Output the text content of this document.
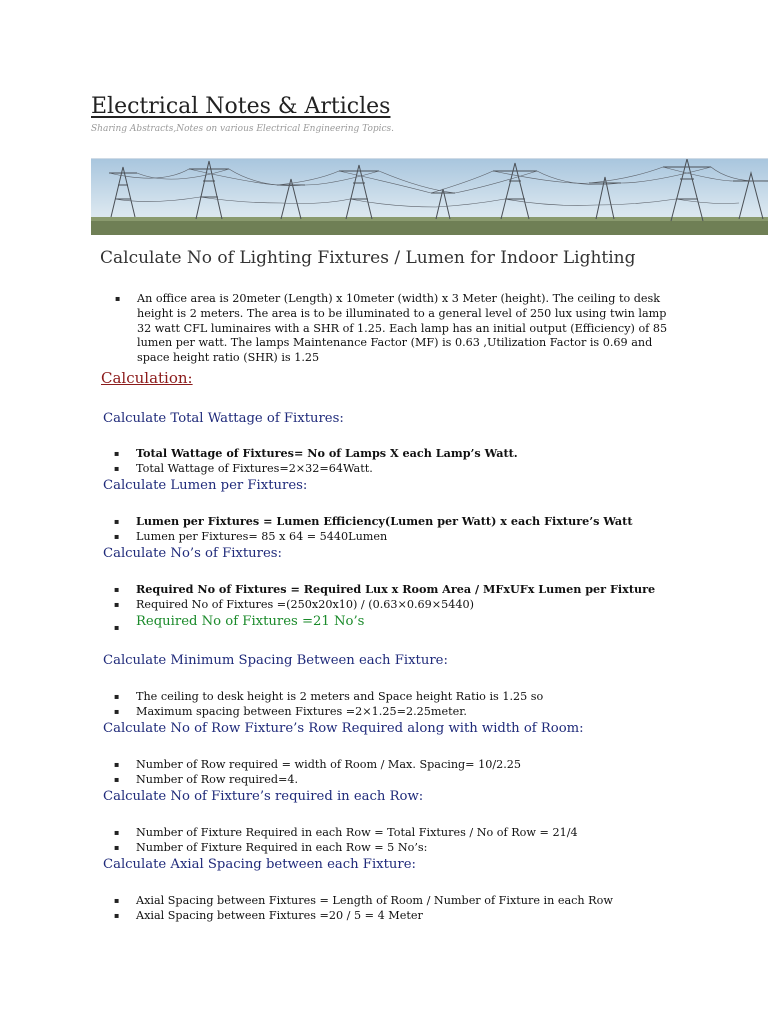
Electrical Notes & Articles
Sharing Abstracts,Notes on various Electrical Engineering Topics.
Calculate No of Lighting Fixtures / Lumen for Indoor Lighting
▪ An office area is 20meter (Length) x 10meter (width) x 3 Meter (height). The ceiling to desk height is 2 meters. The area is to be illuminated to a general level of 250 lux using twin lamp 32 watt CFL luminaires with a SHR of 1.25. Each lamp has an initial output (Efficiency) of 85 lumen per watt. The lamps Maintenance Factor (MF) is 0.63 ,Utilization Factor is 0.69 and space height ratio (SHR) is 1.25
Calculation:
Calculate Total Wattage of Fixtures:
▪ Total Wattage of Fixtures= No of Lamps X each Lamp’s Watt.
▪ Total Wattage of Fixtures=2×32=64Watt.
Calculate Lumen per Fixtures:
▪ Lumen per Fixtures = Lumen Efficiency(Lumen per Watt) x each Fixture’s Watt
▪ Lumen per Fixtures= 85 x 64 = 5440Lumen
Calculate No’s of Fixtures:
▪ Required No of Fixtures = Required Lux x Room Area / MFxUFx Lumen per Fixture
▪ Required No of Fixtures =(250x20x10) / (0.63×0.69×5440)
▪ Required No of Fixtures =21 No’s
Calculate Minimum Spacing Between each Fixture:
▪ The ceiling to desk height is 2 meters and Space height Ratio is 1.25 so
▪ Maximum spacing between Fixtures =2×1.25=2.25meter.
Calculate No of Row Fixture’s Row Required along with width of Room:
▪ Number of Row required = width of Room / Max. Spacing= 10/2.25
▪ Number of Row required=4.
Calculate No of Fixture’s required in each Row:
▪ Number of Fixture Required in each Row = Total Fixtures / No of Row = 21/4
▪ Number of Fixture Required in each Row = 5 No’s:
Calculate Axial Spacing between each Fixture:
▪ Axial Spacing between Fixtures = Length of Room / Number of Fixture in each Row
▪ Axial Spacing between Fixtures =20 / 5 = 4 Meter
